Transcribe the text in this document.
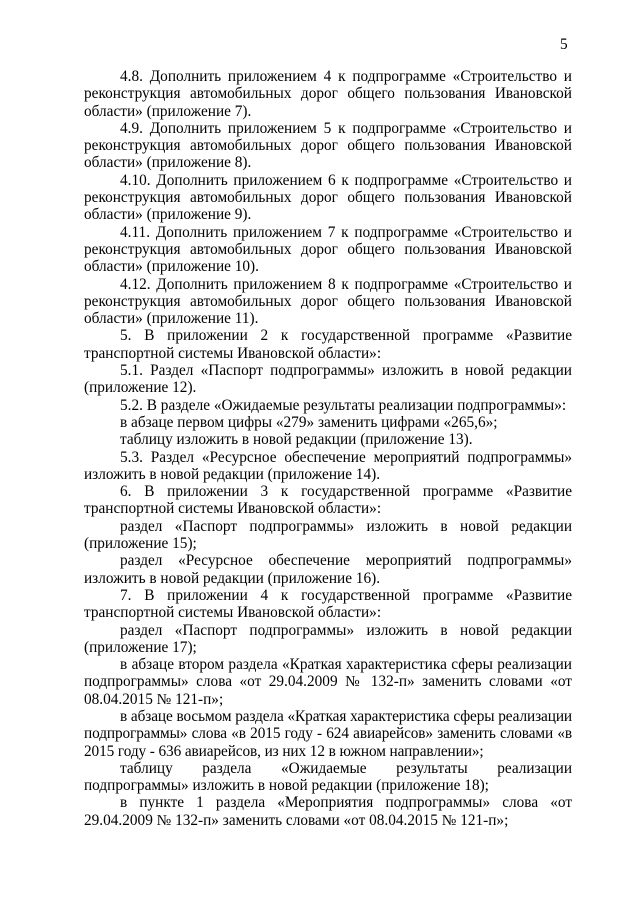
5

4.8. Дополнить приложением 4 к подпрограмме «Строительство и реконструкция автомобильных дорог общего пользования Ивановской области» (приложение 7).

4.9. Дополнить приложением 5 к подпрограмме «Строительство и реконструкция автомобильных дорог общего пользования Ивановской области» (приложение 8).

4.10. Дополнить приложением 6 к подпрограмме «Строительство и реконструкция автомобильных дорог общего пользования Ивановской области» (приложение 9).

4.11. Дополнить приложением 7 к подпрограмме «Строительство и реконструкция автомобильных дорог общего пользования Ивановской области» (приложение 10).

4.12. Дополнить приложением 8 к подпрограмме «Строительство и реконструкция автомобильных дорог общего пользования Ивановской области» (приложение 11).

5. В приложении 2 к государственной программе «Развитие транспортной системы Ивановской области»:

5.1. Раздел «Паспорт подпрограммы» изложить в новой редакции (приложение 12).

5.2. В разделе «Ожидаемые результаты реализации подпрограммы»:

в абзаце первом цифры «279» заменить цифрами «265,6»;

таблицу изложить в новой редакции (приложение 13).

5.3. Раздел «Ресурсное обеспечение мероприятий подпрограммы» изложить в новой редакции (приложение 14).

6. В приложении 3 к государственной программе «Развитие транспортной системы Ивановской области»:

раздел «Паспорт подпрограммы» изложить в новой редакции (приложение 15);

раздел «Ресурсное обеспечение мероприятий подпрограммы» изложить в новой редакции (приложение 16).

7. В приложении 4 к государственной программе «Развитие транспортной системы Ивановской области»:

раздел «Паспорт подпрограммы» изложить в новой редакции (приложение 17);

в абзаце втором раздела «Краткая характеристика сферы реализации подпрограммы» слова «от 29.04.2009 № 132-п» заменить словами «от 08.04.2015 № 121-п»;

в абзаце восьмом раздела «Краткая характеристика сферы реализации подпрограммы» слова «в 2015 году - 624 авиарейсов» заменить словами «в 2015 году - 636 авиарейсов, из них 12 в южном направлении»;

таблицу раздела «Ожидаемые результаты реализации подпрограммы» изложить в новой редакции (приложение 18);

в пункте 1 раздела «Мероприятия подпрограммы» слова «от 29.04.2009 № 132-п» заменить словами «от 08.04.2015 № 121-п»;
